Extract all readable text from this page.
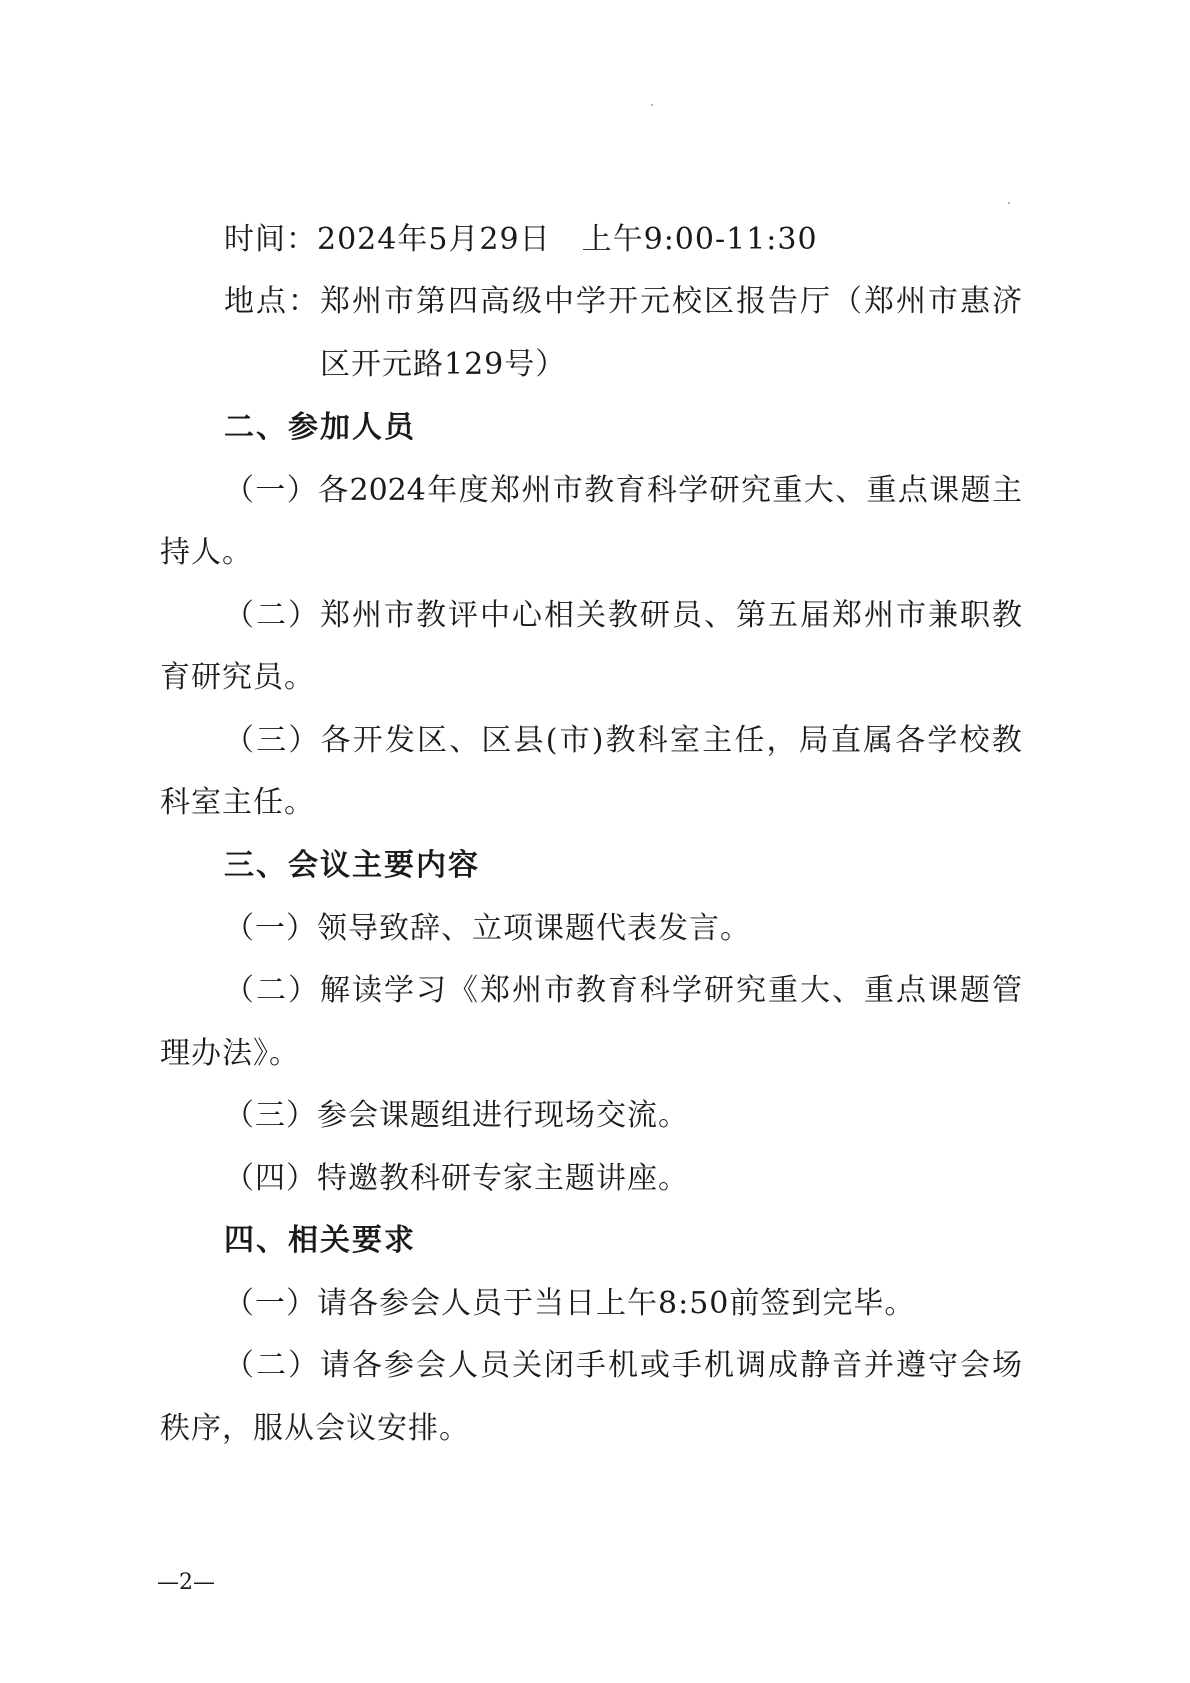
时间：2024年5月29日　上午9:00-11:30
地 点 ： 郑 州 市 第 四 高 级 中 学 开 元 校 区 报 告 厅 （ 郑 州 市 惠 济
区开元路129号）
二、参加人员
（ 一 ） 各 2024 年 度 郑 州 市 教 育 科 学 研 究 重 大 、 重 点 课 题 主
持人。
（ 二 ） 郑 州 市 教 评 中 心 相 关 教 研 员 、 第 五 届 郑 州 市 兼 职 教
育研究员。
（ 三 ） 各 开 发 区 、 区 县 ( 市 ) 教 科 室 主 任 ， 局 直 属 各 学 校 教
科室主任。
三、会议主要内容
（一）领导致辞、立项课题代表发言。
（ 二 ） 解 读 学 习 《 郑 州 市 教 育 科 学 研 究 重 大 、 重 点 课 题 管
理办法》。
（三）参会课题组进行现场交流。
（四）特邀教科研专家主题讲座。
四、相关要求
（一）请各参会人员于当日上午8:50前签到完毕。
（ 二 ） 请 各 参 会 人 员 关 闭 手 机 或 手 机 调 成 静 音 并 遵 守 会 场
秩序，服从会议安排。
—2—
